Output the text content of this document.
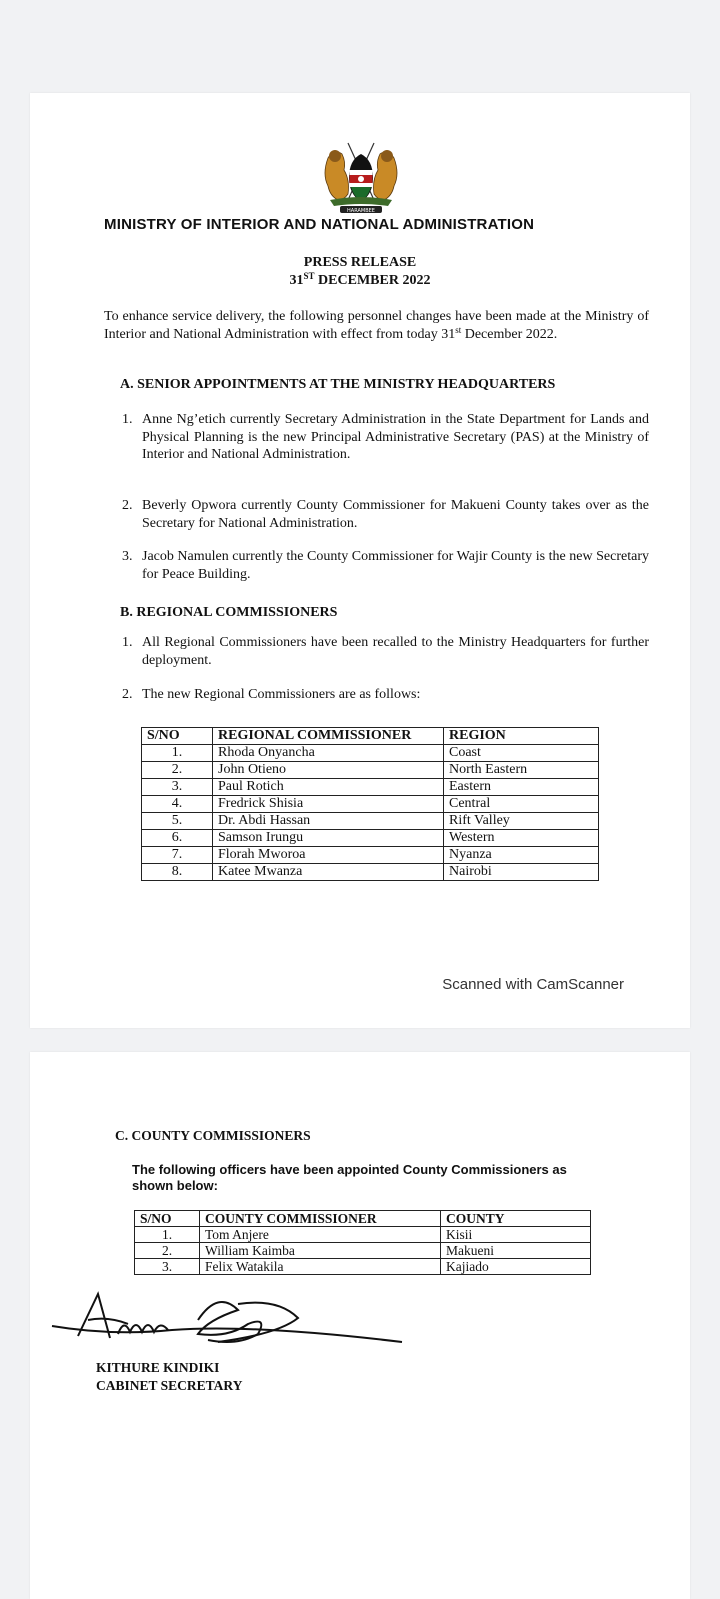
HARAMBEE
MINISTRY OF INTERIOR AND NATIONAL ADMINISTRATION
PRESS RELEASE
31ST DECEMBER 2022
To enhance service delivery, the following personnel changes have been made at the Ministry of Interior and National Administration with effect from today 31st December 2022.
A. SENIOR APPOINTMENTS AT THE MINISTRY HEADQUARTERS
1. Anne Ng’etich currently Secretary Administration in the State Department for Lands and Physical Planning is the new Principal Administrative Secretary (PAS) at the Ministry of Interior and National Administration.
2. Beverly Opwora currently County Commissioner for Makueni County takes over as the Secretary for National Administration.
3. Jacob Namulen currently the County Commissioner for Wajir County is the new Secretary for Peace Building.
B. REGIONAL COMMISSIONERS
1. All Regional Commissioners have been recalled to the Ministry Headquarters for further deployment.
2. The new Regional Commissioners are as follows:
S/NO	REGIONAL COMMISSIONER	REGION
1.	Rhoda Onyancha	Coast
2.	John Otieno	North Eastern
3.	Paul Rotich	Eastern
4.	Fredrick Shisia	Central
5.	Dr. Abdi Hassan	Rift Valley
6.	Samson Irungu	Western
7.	Florah Mworoa	Nyanza
8.	Katee Mwanza	Nairobi
Scanned with CamScanner
C. COUNTY COMMISSIONERS
The following officers have been appointed County Commissioners as shown below:
S/NO	COUNTY COMMISSIONER	COUNTY
1.	Tom Anjere	Kisii
2.	William Kaimba	Makueni
3.	Felix Watakila	Kajiado
KITHURE KINDIKI
CABINET SECRETARY
